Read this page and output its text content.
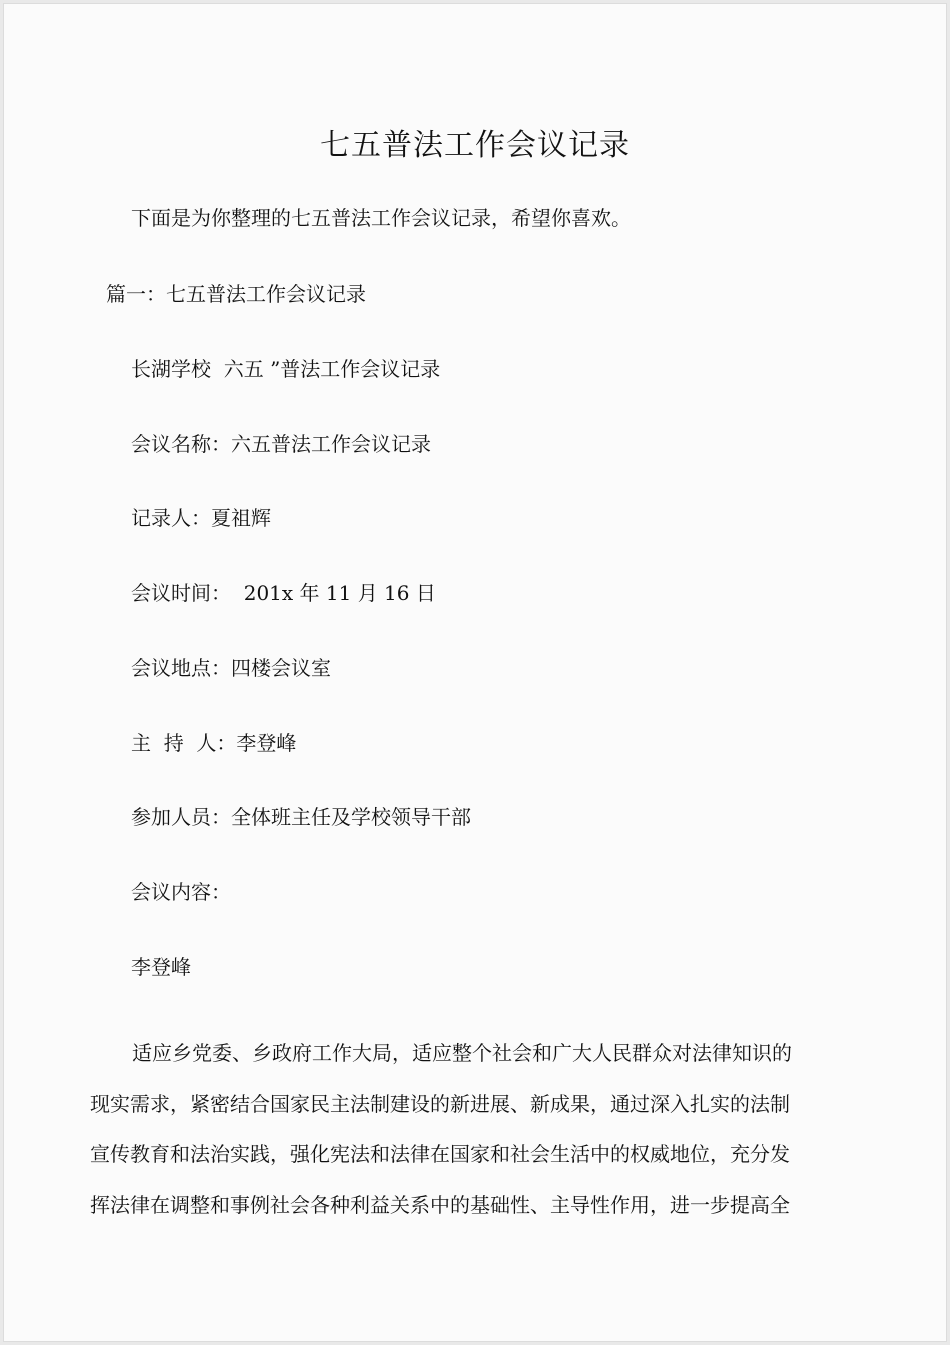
七五普法工作会议记录
下面是为你整理的七五普法工作会议记录，希望你喜欢。
篇一：七五普法工作会议记录
长湖学校  六五 ”普法工作会议记录
会议名称：六五普法工作会议记录
记录人：夏祖辉
会议时间：  201x 年 11 月 16 日
会议地点：四楼会议室
主  持  人：李登峰
参加人员：全体班主任及学校领导干部
会议内容：
李登峰
适应乡党委、乡政府工作大局，适应整个社会和广大人民群众对法律知识的
现实需求，紧密结合国家民主法制建设的新进展、新成果，通过深入扎实的法制
宣传教育和法治实践，强化宪法和法律在国家和社会生活中的权威地位，充分发
挥法律在调整和事例社会各种利益关系中的基础性、主导性作用，进一步提高全
